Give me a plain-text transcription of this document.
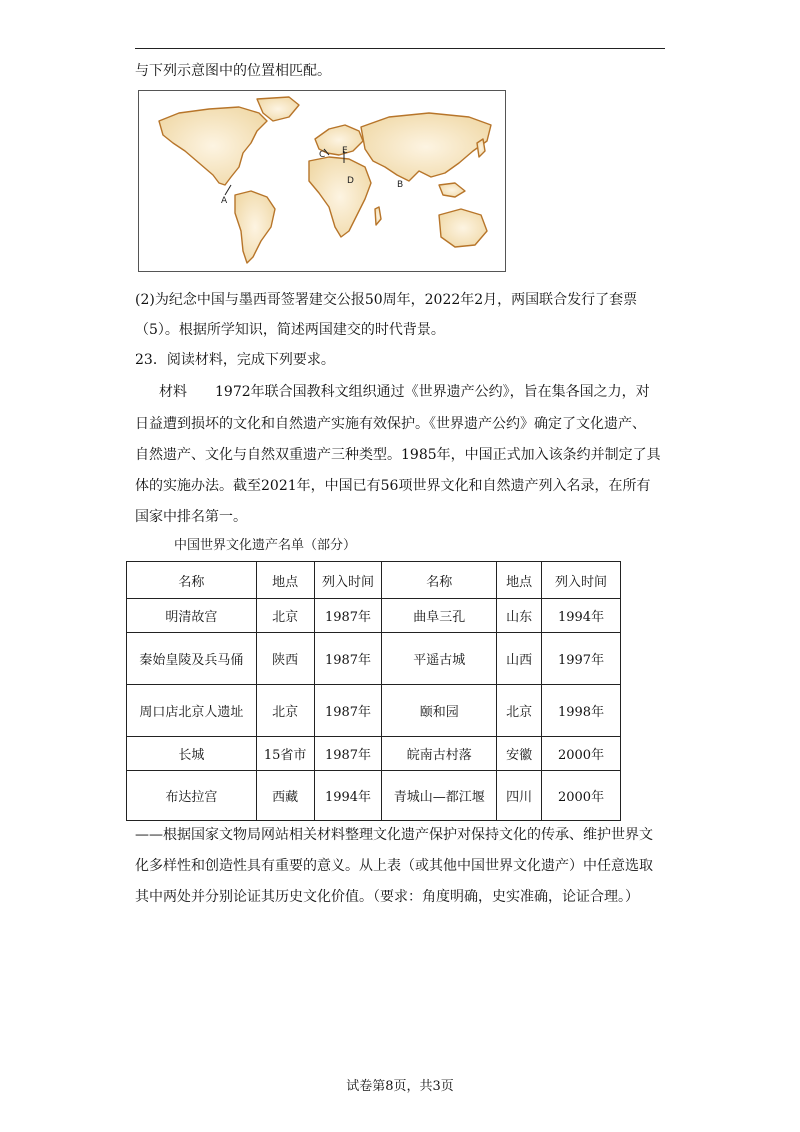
与下列示意图中的位置相匹配。
A
B
C
D
E
(2)为纪念中国与墨西哥签署建交公报50周年，2022年2月，两国联合发行了套票
（5）。根据所学知识，简述两国建交的时代背景。
23．阅读材料，完成下列要求。
材料　　1972年联合国教科文组织通过《世界遗产公约》，旨在集各国之力，对
日益遭到损坏的文化和自然遗产实施有效保护。《世界遗产公约》确定了文化遗产、
自然遗产、文化与自然双重遗产三种类型。1985年，中国正式加入该条约并制定了具
体的实施办法。截至2021年，中国已有56项世界文化和自然遗产列入名录，在所有
国家中排名第一。
中国世界文化遗产名单（部分）
名称	地点	列入时间	名称	地点	列入时间
明清故宫	北京	1987年	曲阜三孔	山东	1994年
秦始皇陵及兵马俑	陕西	1987年	平遥古城	山西	1997年
周口店北京人遗址	北京	1987年	颐和园	北京	1998年
长城	15省市	1987年	皖南古村落	安徽	2000年
布达拉宫	西藏	1994年	青城山—都江堰	四川	2000年
——根据国家文物局网站相关材料整理文化遗产保护对保持文化的传承、维护世界文
化多样性和创造性具有重要的意义。从上表（或其他中国世界文化遗产）中任意选取
其中两处并分别论证其历史文化价值。（要求：角度明确，史实准确，论证合理。）
试卷第8页，共3页
